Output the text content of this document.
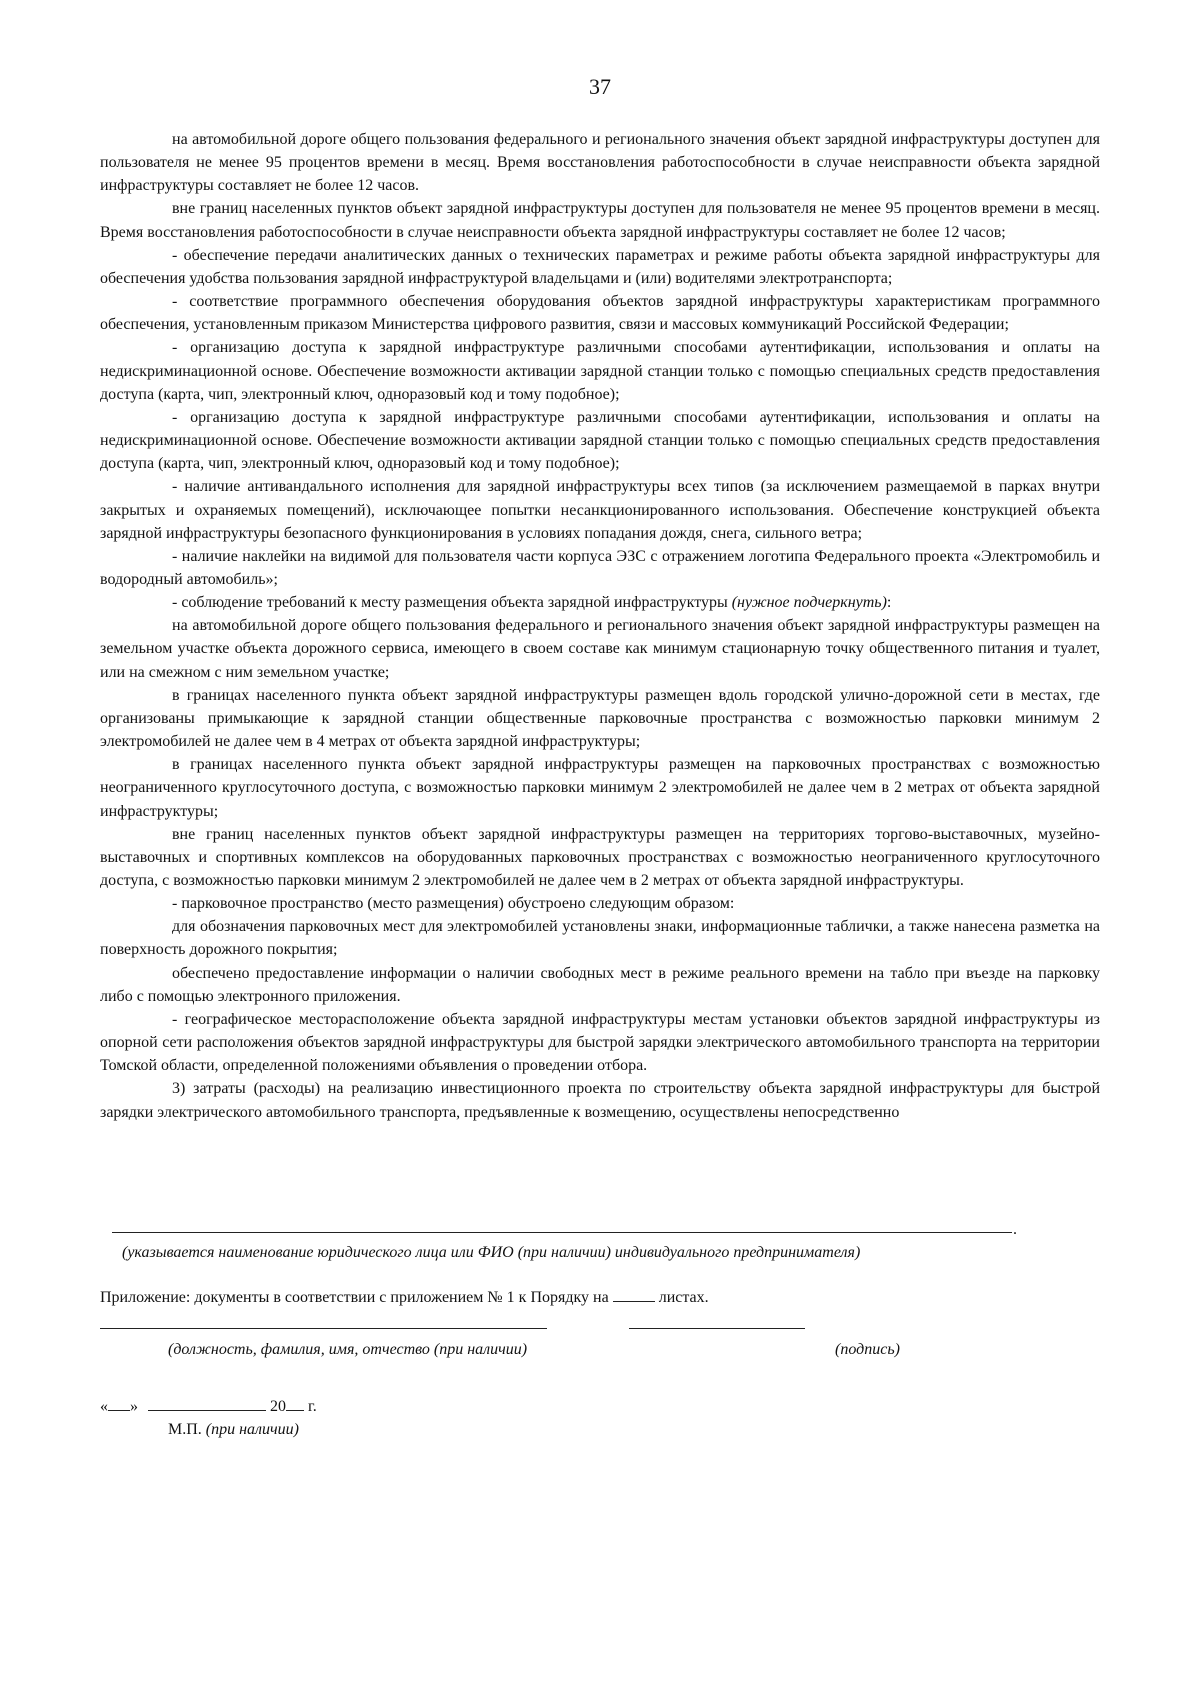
37

на автомобильной дороге общего пользования федерального и регионального значения объект зарядной инфраструктуры доступен для пользователя не менее 95 процентов времени в месяц. Время восстановления работоспособности в случае неисправности объекта зарядной инфраструктуры составляет не более 12 часов.

вне границ населенных пунктов объект зарядной инфраструктуры доступен для пользователя не менее 95 процентов времени в месяц. Время восстановления работоспособности в случае неисправности объекта зарядной инфраструктуры составляет не более 12 часов;

- обеспечение передачи аналитических данных о технических параметрах и режиме работы объекта зарядной инфраструктуры для обеспечения удобства пользования зарядной инфраструктурой владельцами и (или) водителями электротранспорта;

- соответствие программного обеспечения оборудования объектов зарядной инфраструктуры характеристикам программного обеспечения, установленным приказом Министерства цифрового развития, связи и массовых коммуникаций Российской Федерации;

- организацию доступа к зарядной инфраструктуре различными способами аутентификации, использования и оплаты на недискриминационной основе. Обеспечение возможности активации зарядной станции только с помощью специальных средств предоставления доступа (карта, чип, электронный ключ, одноразовый код и тому подобное);

- организацию доступа к зарядной инфраструктуре различными способами аутентификации, использования и оплаты на недискриминационной основе. Обеспечение возможности активации зарядной станции только с помощью специальных средств предоставления доступа (карта, чип, электронный ключ, одноразовый код и тому подобное);

- наличие антивандального исполнения для зарядной инфраструктуры всех типов (за исключением размещаемой в парках внутри закрытых и охраняемых помещений), исключающее попытки несанкционированного использования. Обеспечение конструкцией объекта зарядной инфраструктуры безопасного функционирования в условиях попадания дождя, снега, сильного ветра;

- наличие наклейки на видимой для пользователя части корпуса ЭЗС с отражением логотипа Федерального проекта «Электромобиль и водородный автомобиль»;

- соблюдение требований к месту размещения объекта зарядной инфраструктуры (нужное подчеркнуть):

на автомобильной дороге общего пользования федерального и регионального значения объект зарядной инфраструктуры размещен на земельном участке объекта дорожного сервиса, имеющего в своем составе как минимум стационарную точку общественного питания и туалет, или на смежном с ним земельном участке;

в границах населенного пункта объект зарядной инфраструктуры размещен вдоль городской улично-дорожной сети в местах, где организованы примыкающие к зарядной станции общественные парковочные пространства с возможностью парковки минимум 2 электромобилей не далее чем в 4 метрах от объекта зарядной инфраструктуры;

в границах населенного пункта объект зарядной инфраструктуры размещен на парковочных пространствах с возможностью неограниченного круглосуточного доступа, с возможностью парковки минимум 2 электромобилей не далее чем в 2 метрах от объекта зарядной инфраструктуры;

вне границ населенных пунктов объект зарядной инфраструктуры размещен на территориях торгово-выставочных, музейно-выставочных и спортивных комплексов на оборудованных парковочных пространствах с возможностью неограниченного круглосуточного доступа, с возможностью парковки минимум 2 электромобилей не далее чем в 2 метрах от объекта зарядной инфраструктуры.

- парковочное пространство (место размещения) обустроено следующим образом:

для обозначения парковочных мест для электромобилей установлены знаки, информационные таблички, а также нанесена разметка на поверхность дорожного покрытия;

обеспечено предоставление информации о наличии свободных мест в режиме реального времени на табло при въезде на парковку либо с помощью электронного приложения.

- географическое месторасположение объекта зарядной инфраструктуры местам установки объектов зарядной инфраструктуры из опорной сети расположения объектов зарядной инфраструктуры для быстрой зарядки электрического автомобильного транспорта на территории Томской области, определенной положениями объявления о проведении отбора.

3) затраты (расходы) на реализацию инвестиционного проекта по строительству объекта зарядной инфраструктуры для быстрой зарядки электрического автомобильного транспорта, предъявленные к возмещению, осуществлены непосредственно

.
(указывается наименование юридического лица или ФИО (при наличии) индивидуального предпринимателя)
Приложение: документы в соответствии с приложением № 1 к Порядку на	листах.
(должность, фамилия, имя, отчество (при наличии)	(подпись)
« »	20 г.
М.П. (при наличии)
